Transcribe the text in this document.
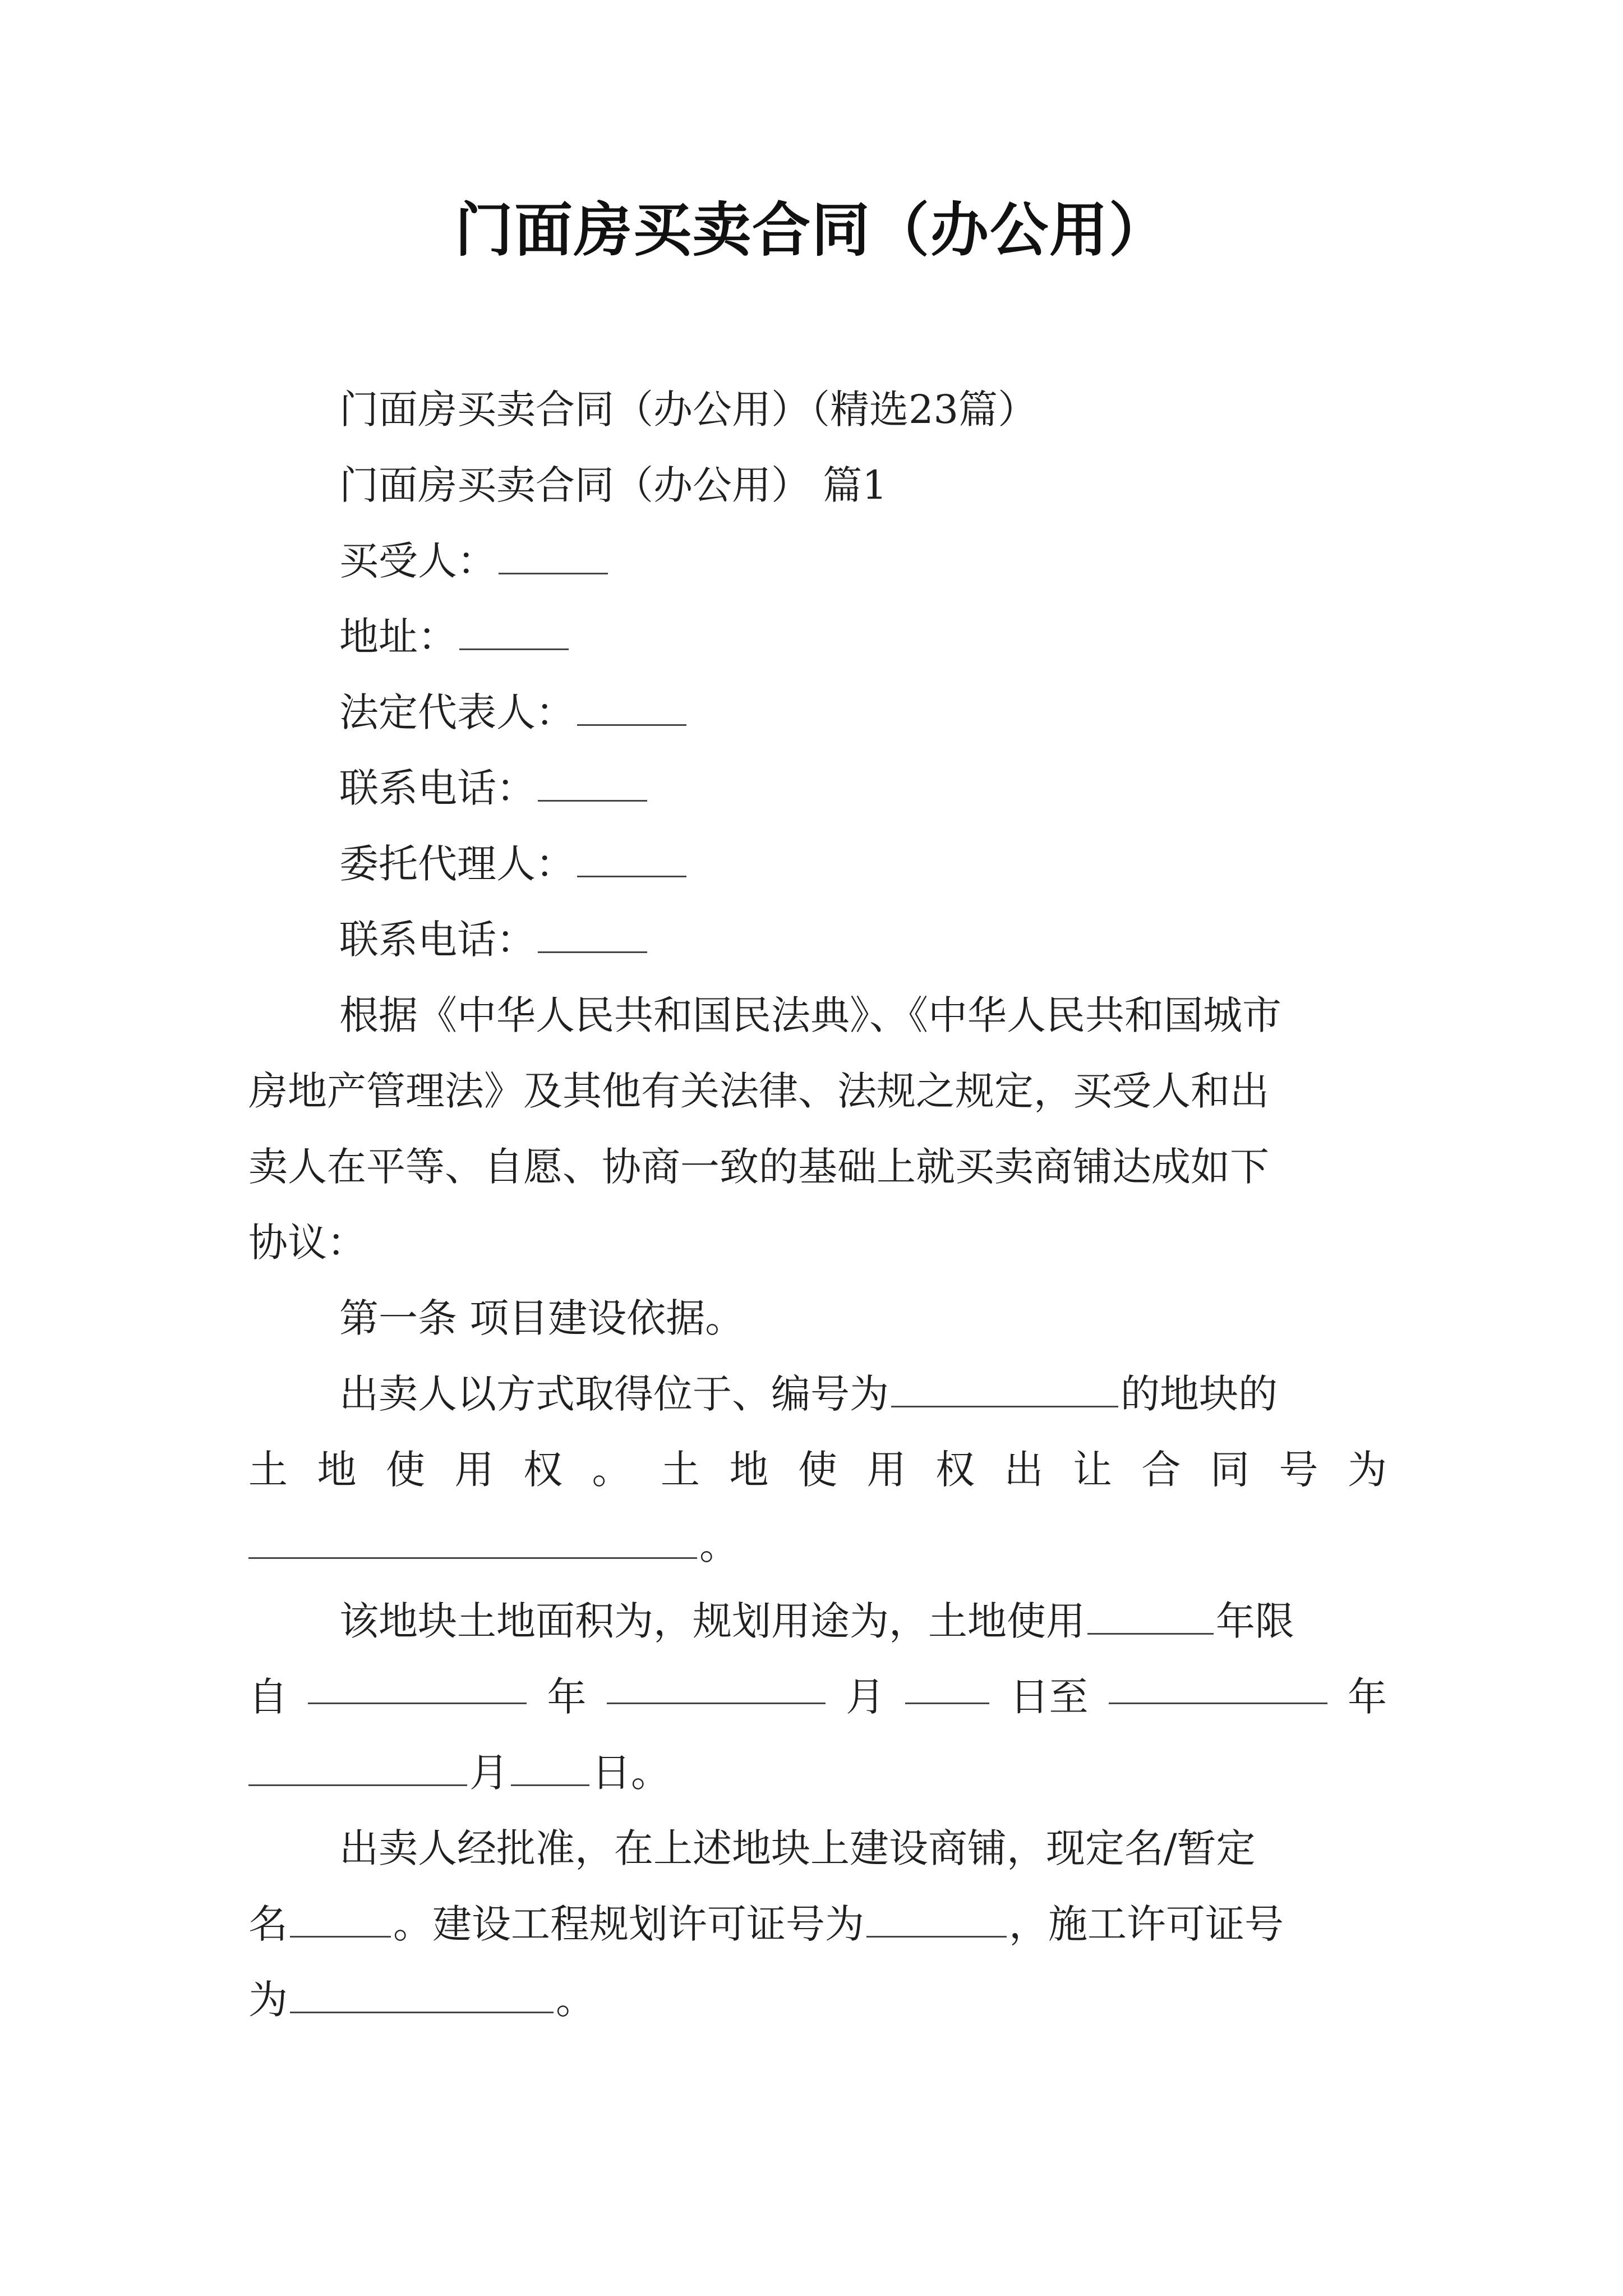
门面房买卖合同（办公用）
门面房买卖合同（办公用）（精选23篇）
门面房买卖合同（办公用） 篇1
买受人：
地址：
法定代表人：
联系电话：
委托代理人：
联系电话：
根据《中华人民共和国民法典》、《中华人民共和国城市
房地产管理法》及其他有关法律、法规之规定，买受人和出
卖人在平等、自愿、协商一致的基础上就买卖商铺达成如下
协议：
第一条 项目建设依据。
出卖人以方式取得位于、编号为	的地块的
土 地 使 用 权 。 土 地 使 用 权 出 让 合 同 号 为
。
该地块土地面积为，规划用途为，土地使用	年限
自	年	月	日至	年
月 日。
出卖人经批准，在上述地块上建设商铺，现定名/暂定
名	。建设工程规划许可证号为	，施工许可证号
为	。
